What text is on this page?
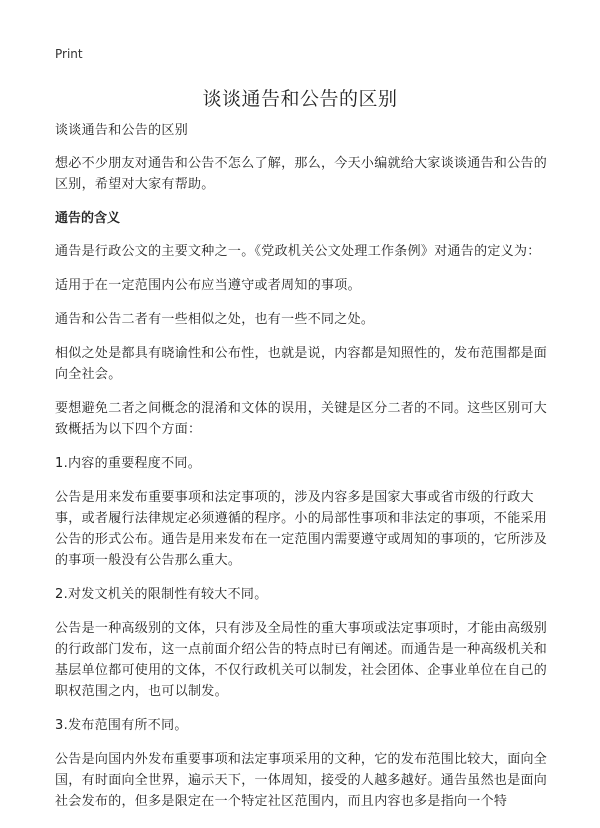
Print
谈谈通告和公告的区别
谈谈通告和公告的区别
想必不少朋友对通告和公告不怎么了解，那么，今天小编就给大家谈谈通告和公告的区别，希望对大家有帮助。
通告的含义
通告是行政公文的主要文种之一。《党政机关公文处理工作条例》对通告的定义为：
适用于在一定范围内公布应当遵守或者周知的事项。
通告和公告二者有一些相似之处，也有一些不同之处。
相似之处是都具有晓谕性和公布性，也就是说，内容都是知照性的，发布范围都是面向全社会。
要想避免二者之间概念的混淆和文体的误用，关键是区分二者的不同。这些区别可大致概括为以下四个方面：
1.内容的重要程度不同。
公告是用来发布重要事项和法定事项的，涉及内容多是国家大事或省市级的行政大事，或者履行法律规定必须遵循的程序。小的局部性事项和非法定的事项，不能采用公告的形式公布。通告是用来发布在一定范围内需要遵守或周知的事项的，它所涉及的事项一般没有公告那么重大。
2.对发文机关的限制性有较大不同。
公告是一种高级别的文体，只有涉及全局性的重大事项或法定事项时，才能由高级别的行政部门发布，这一点前面介绍公告的特点时已有阐述。而通告是一种高级机关和基层单位都可使用的文体，不仅行政机关可以制发，社会团体、企事业单位在自己的职权范围之内，也可以制发。
3.发布范围有所不同。
公告是向国内外发布重要事项和法定事项采用的文种，它的发布范围比较大，面向全国，有时面向全世界，遍示天下，一体周知，接受的人越多越好。通告虽然也是面向社会发布的，但多是限定在一个特定社区范围内，而且内容也多是指向一个特
